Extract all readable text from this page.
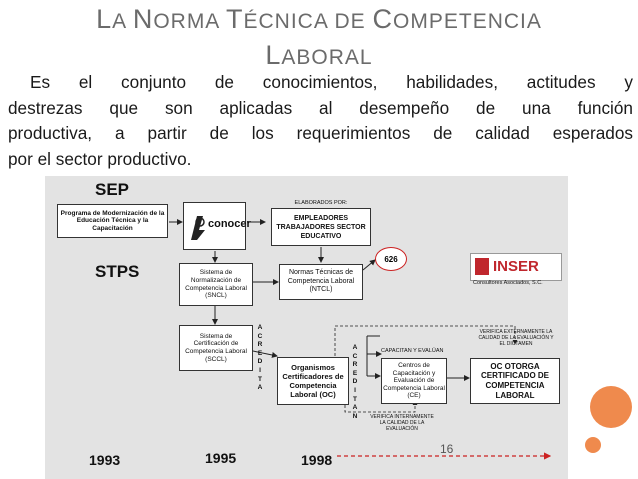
LA NORMA TÉCNICA DE COMPETENCIA
LABORAL
Es el conjunto de conocimientos, habilidades, actitudes y
destrezas que son aplicadas al desempeño de una función
productiva, a partir de los requerimientos de calidad esperados
por el sector productivo.
SEP
Programa de Modernización de la Educación Técnica y la Capacitación	conocer
ELABORADOS POR:
EMPLEADORES TRABAJADORES SECTOR EDUCATIVO
626	INSER
Consultores Asociados, S.C.
STPS	Sistema de Normalización de Competencia Laboral (SNCL)
Normas Técnicas de Competencia Laboral (NTCL)
Sistema de Certificación de Competencia Laboral (SCCL)
A
C
R
E
D
I
T
A
Organismos Certificadores de Competencia Laboral (OC)
A
C
R
E
D
I
T
A
N
CAPACITAN Y EVALÚAN
Centros de Capacitación y Evaluación de Competencia Laboral (CE)
VERIFICA INTERNAMENTE LA CALIDAD DE LA EVALUACIÓN
VERIFICA EXTERNAMENTE LA CALIDAD DE LA EVALUACIÓN Y EL DICTAMEN
OC OTORGA CERTIFICADO DE COMPETENCIA LABORAL
1993	1995	1998
16
